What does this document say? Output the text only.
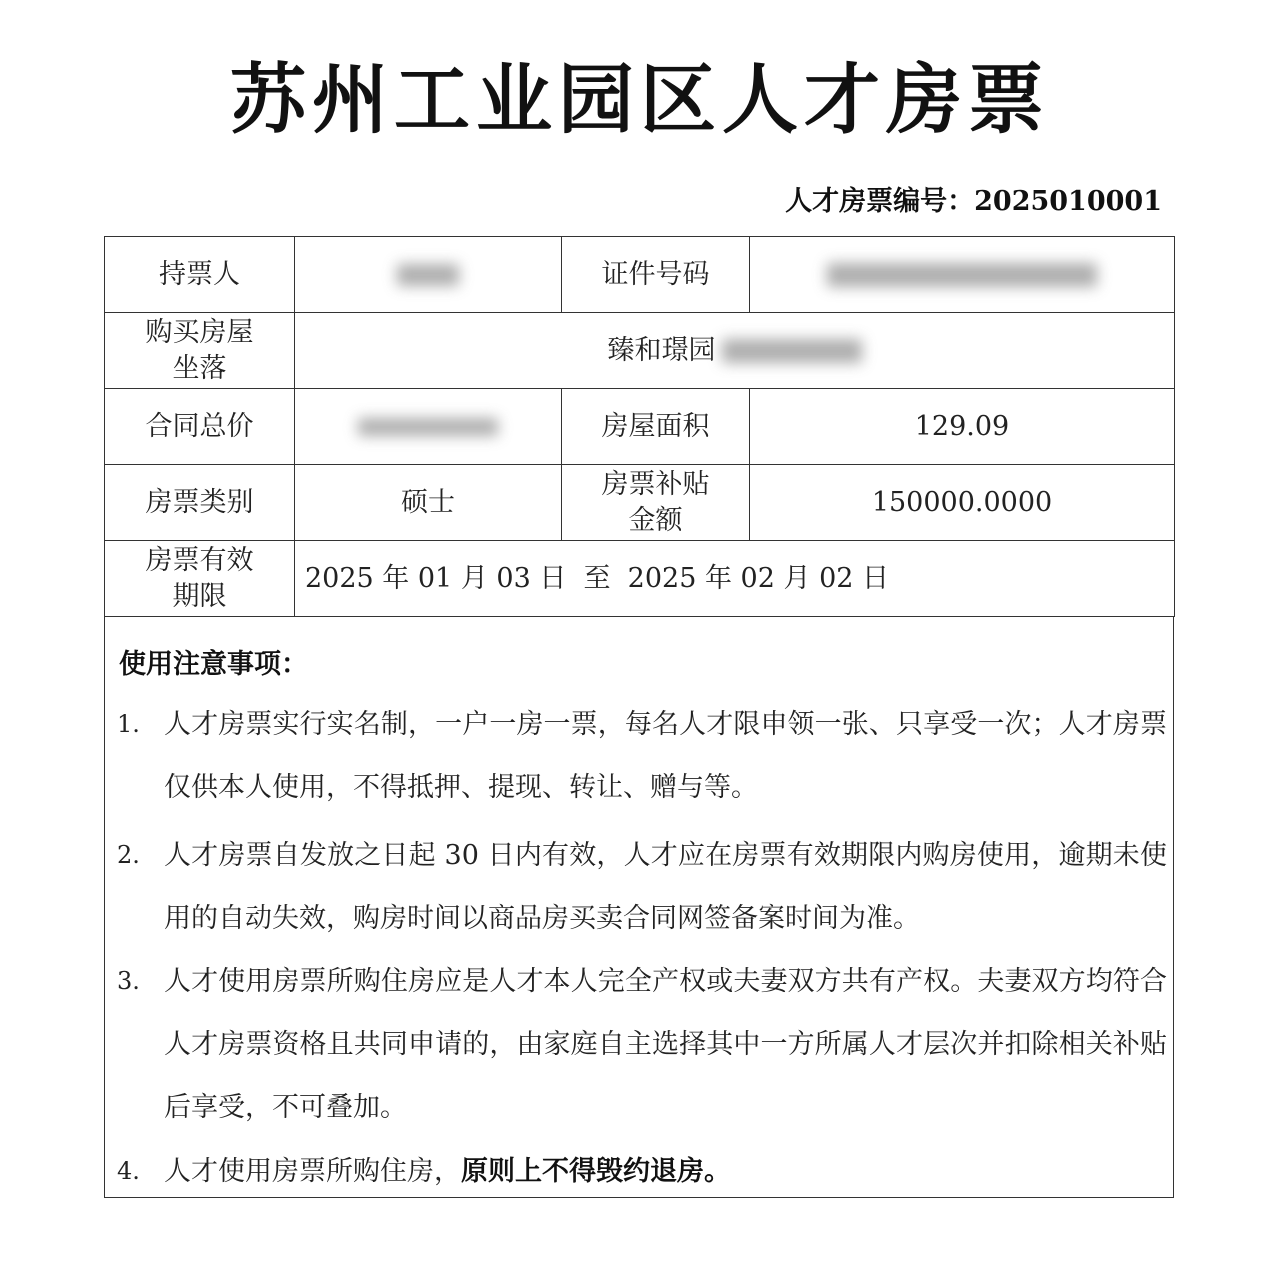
苏州工业园区人才房票
人才房票编号：2025010001
持票人		证件号码	

购买房屋
坐落	臻和璟园		
合同总价		房屋面积	129.09
房票类别	硕士	房票补贴
金额	150000.0000

房票有效
期限	2025 年 01 月 03 日  至  2025 年 02 月 02 日		
使用注意事项：
1. 人才房票实行实名制，一户一房一票，每名人才限申领一张、只享受一次；人才房票仅供本人使用，不得抵押、提现、转让、赠与等。
2. 人才房票自发放之日起 30 日内有效，人才应在房票有效期限内购房使用，逾期未使用的自动失效，购房时间以商品房买卖合同网签备案时间为准。
3. 人才使用房票所购住房应是人才本人完全产权或夫妻双方共有产权。夫妻双方均符合人才房票资格且共同申请的，由家庭自主选择其中一方所属人才层次并扣除相关补贴后享受，不可叠加。
4. 人才使用房票所购住房，原则上不得毁约退房。
